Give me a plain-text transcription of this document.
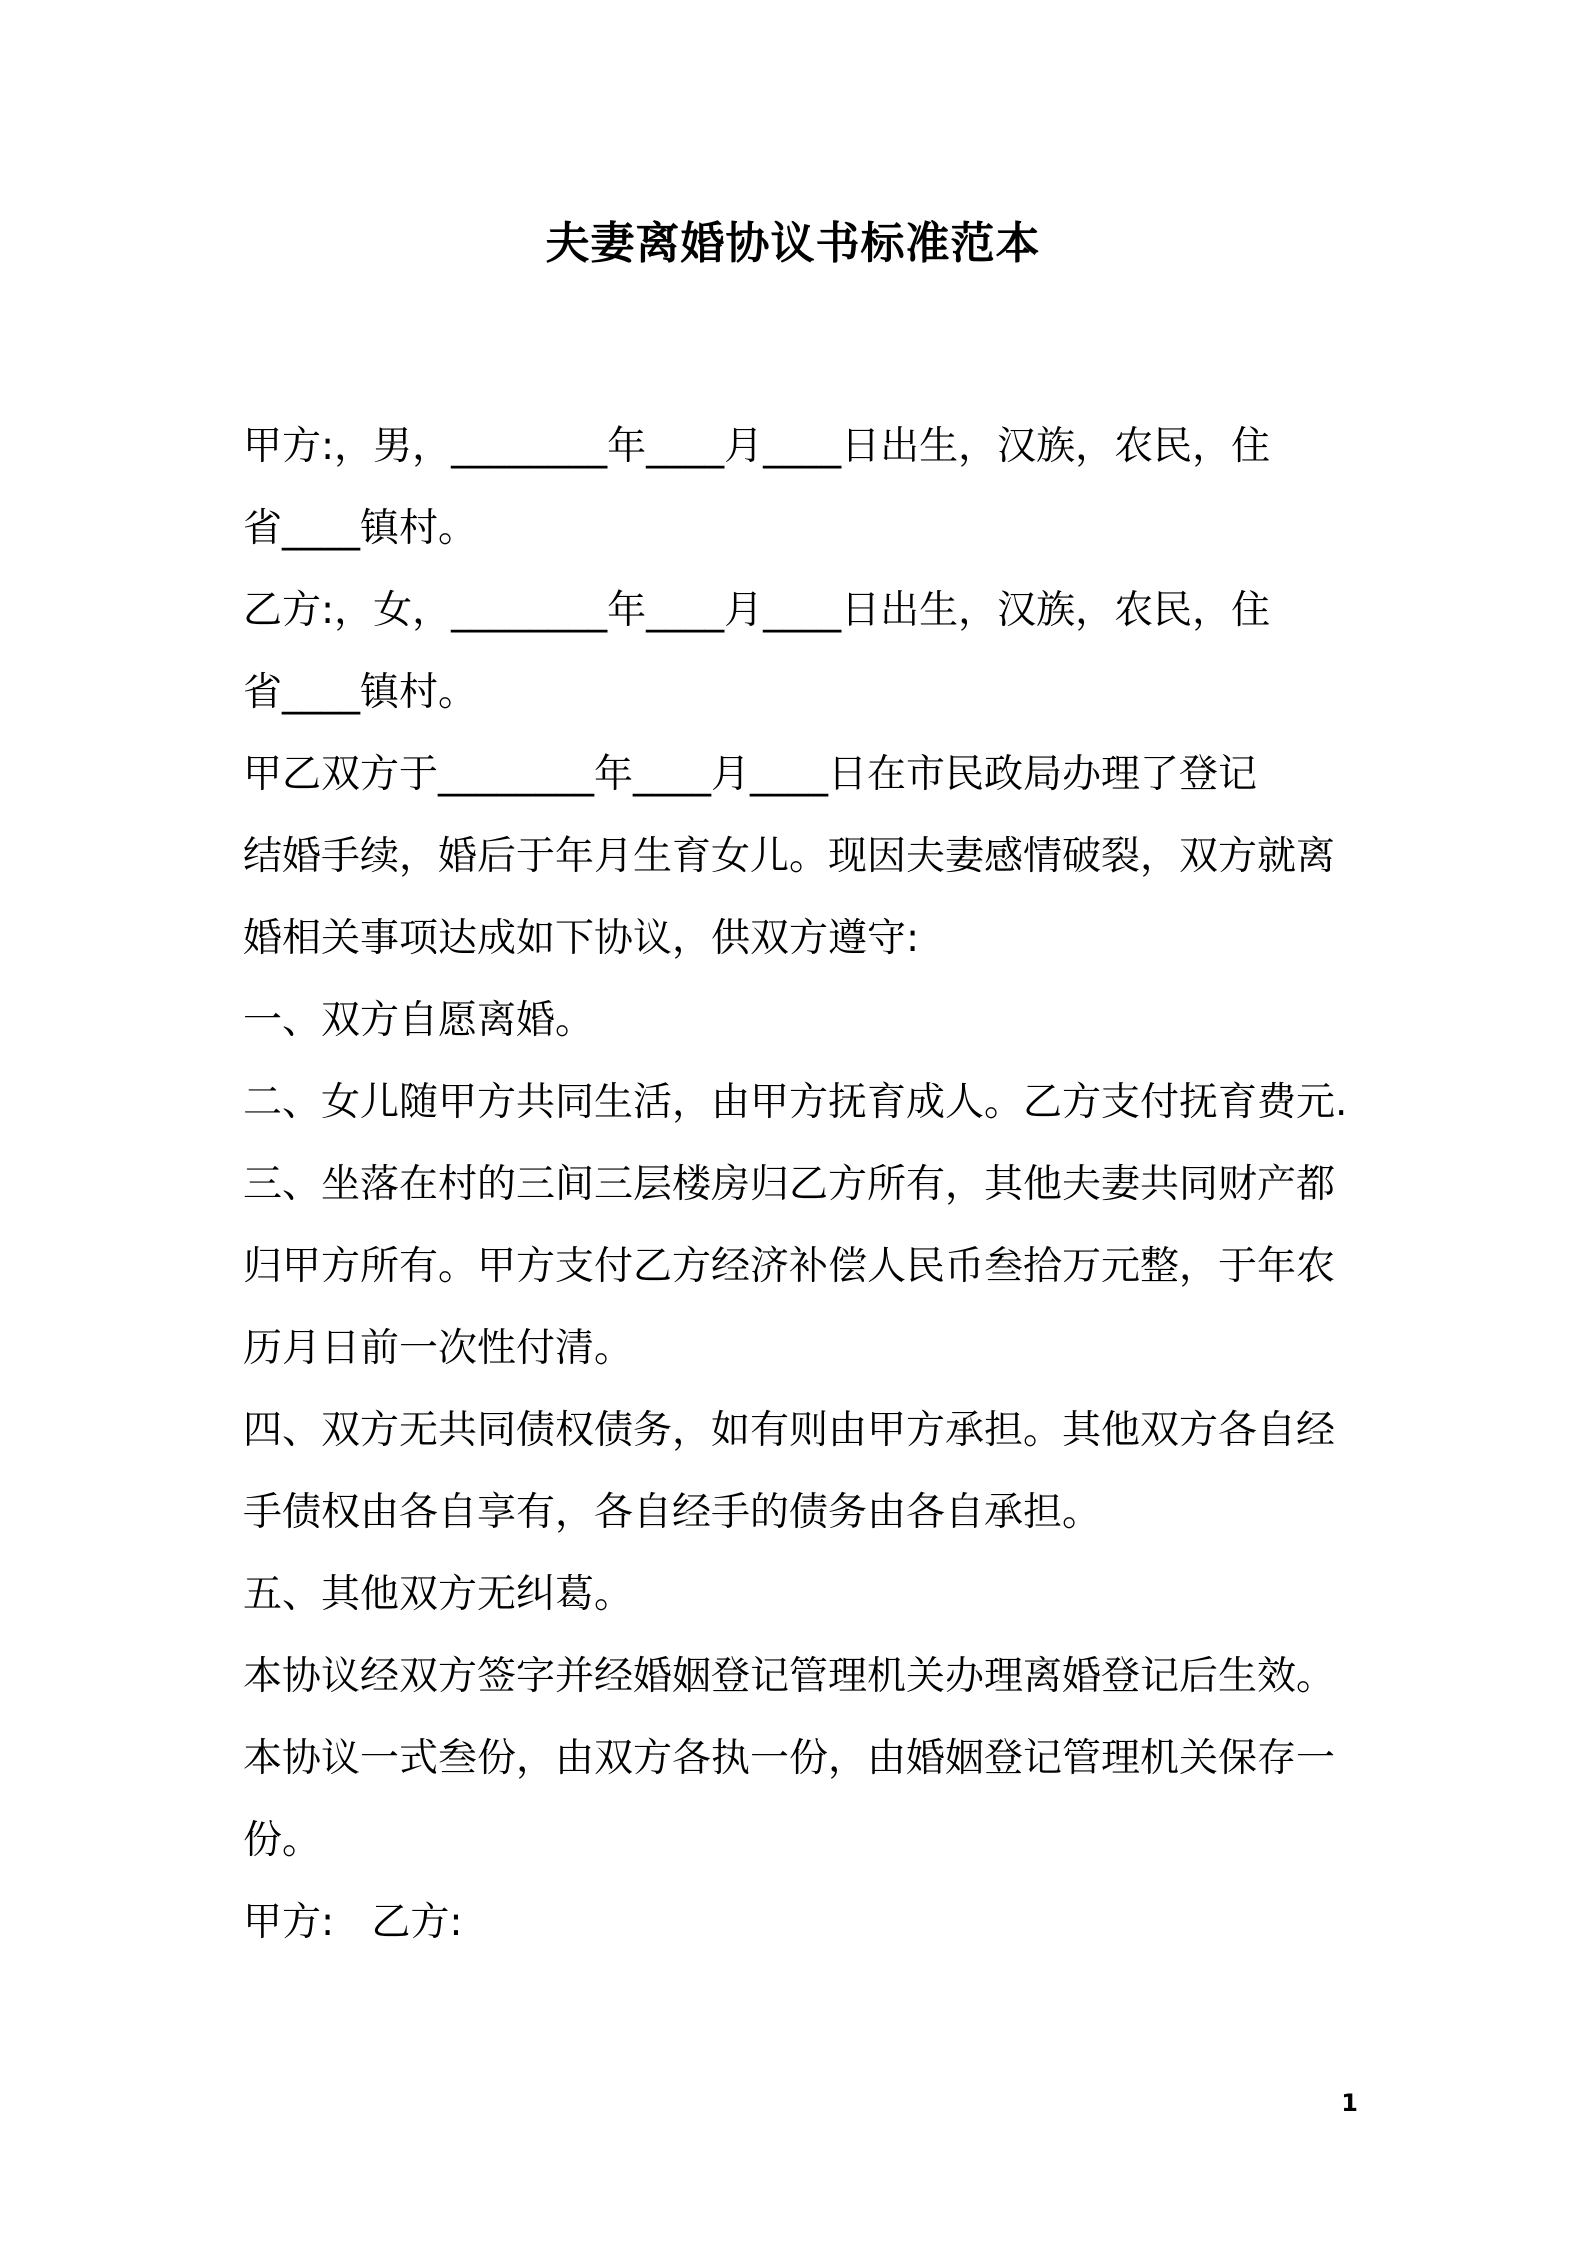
夫妻离婚协议书标准范本
甲方:，男，________年____月____日出生，汉族，农民，住
省____镇村。
乙方:，女，________年____月____日出生，汉族，农民，住
省____镇村。
甲乙双方于________年____月____日在市民政局办理了登记
结婚手续，婚后于年月生育女儿。现因夫妻感情破裂，双方就离
婚相关事项达成如下协议，供双方遵守:
一、双方自愿离婚。
二、女儿随甲方共同生活，由甲方抚育成人。乙方支付抚育费元.
三、坐落在村的三间三层楼房归乙方所有，其他夫妻共同财产都
归甲方所有。甲方支付乙方经济补偿人民币叁拾万元整，于年农
历月日前一次性付清。
四、双方无共同债权债务，如有则由甲方承担。其他双方各自经
手债权由各自享有，各自经手的债务由各自承担。
五、其他双方无纠葛。
本协议经双方签字并经婚姻登记管理机关办理离婚登记后生效。
本协议一式叁份，由双方各执一份，由婚姻登记管理机关保存一
份。
甲方:   乙方:
1
